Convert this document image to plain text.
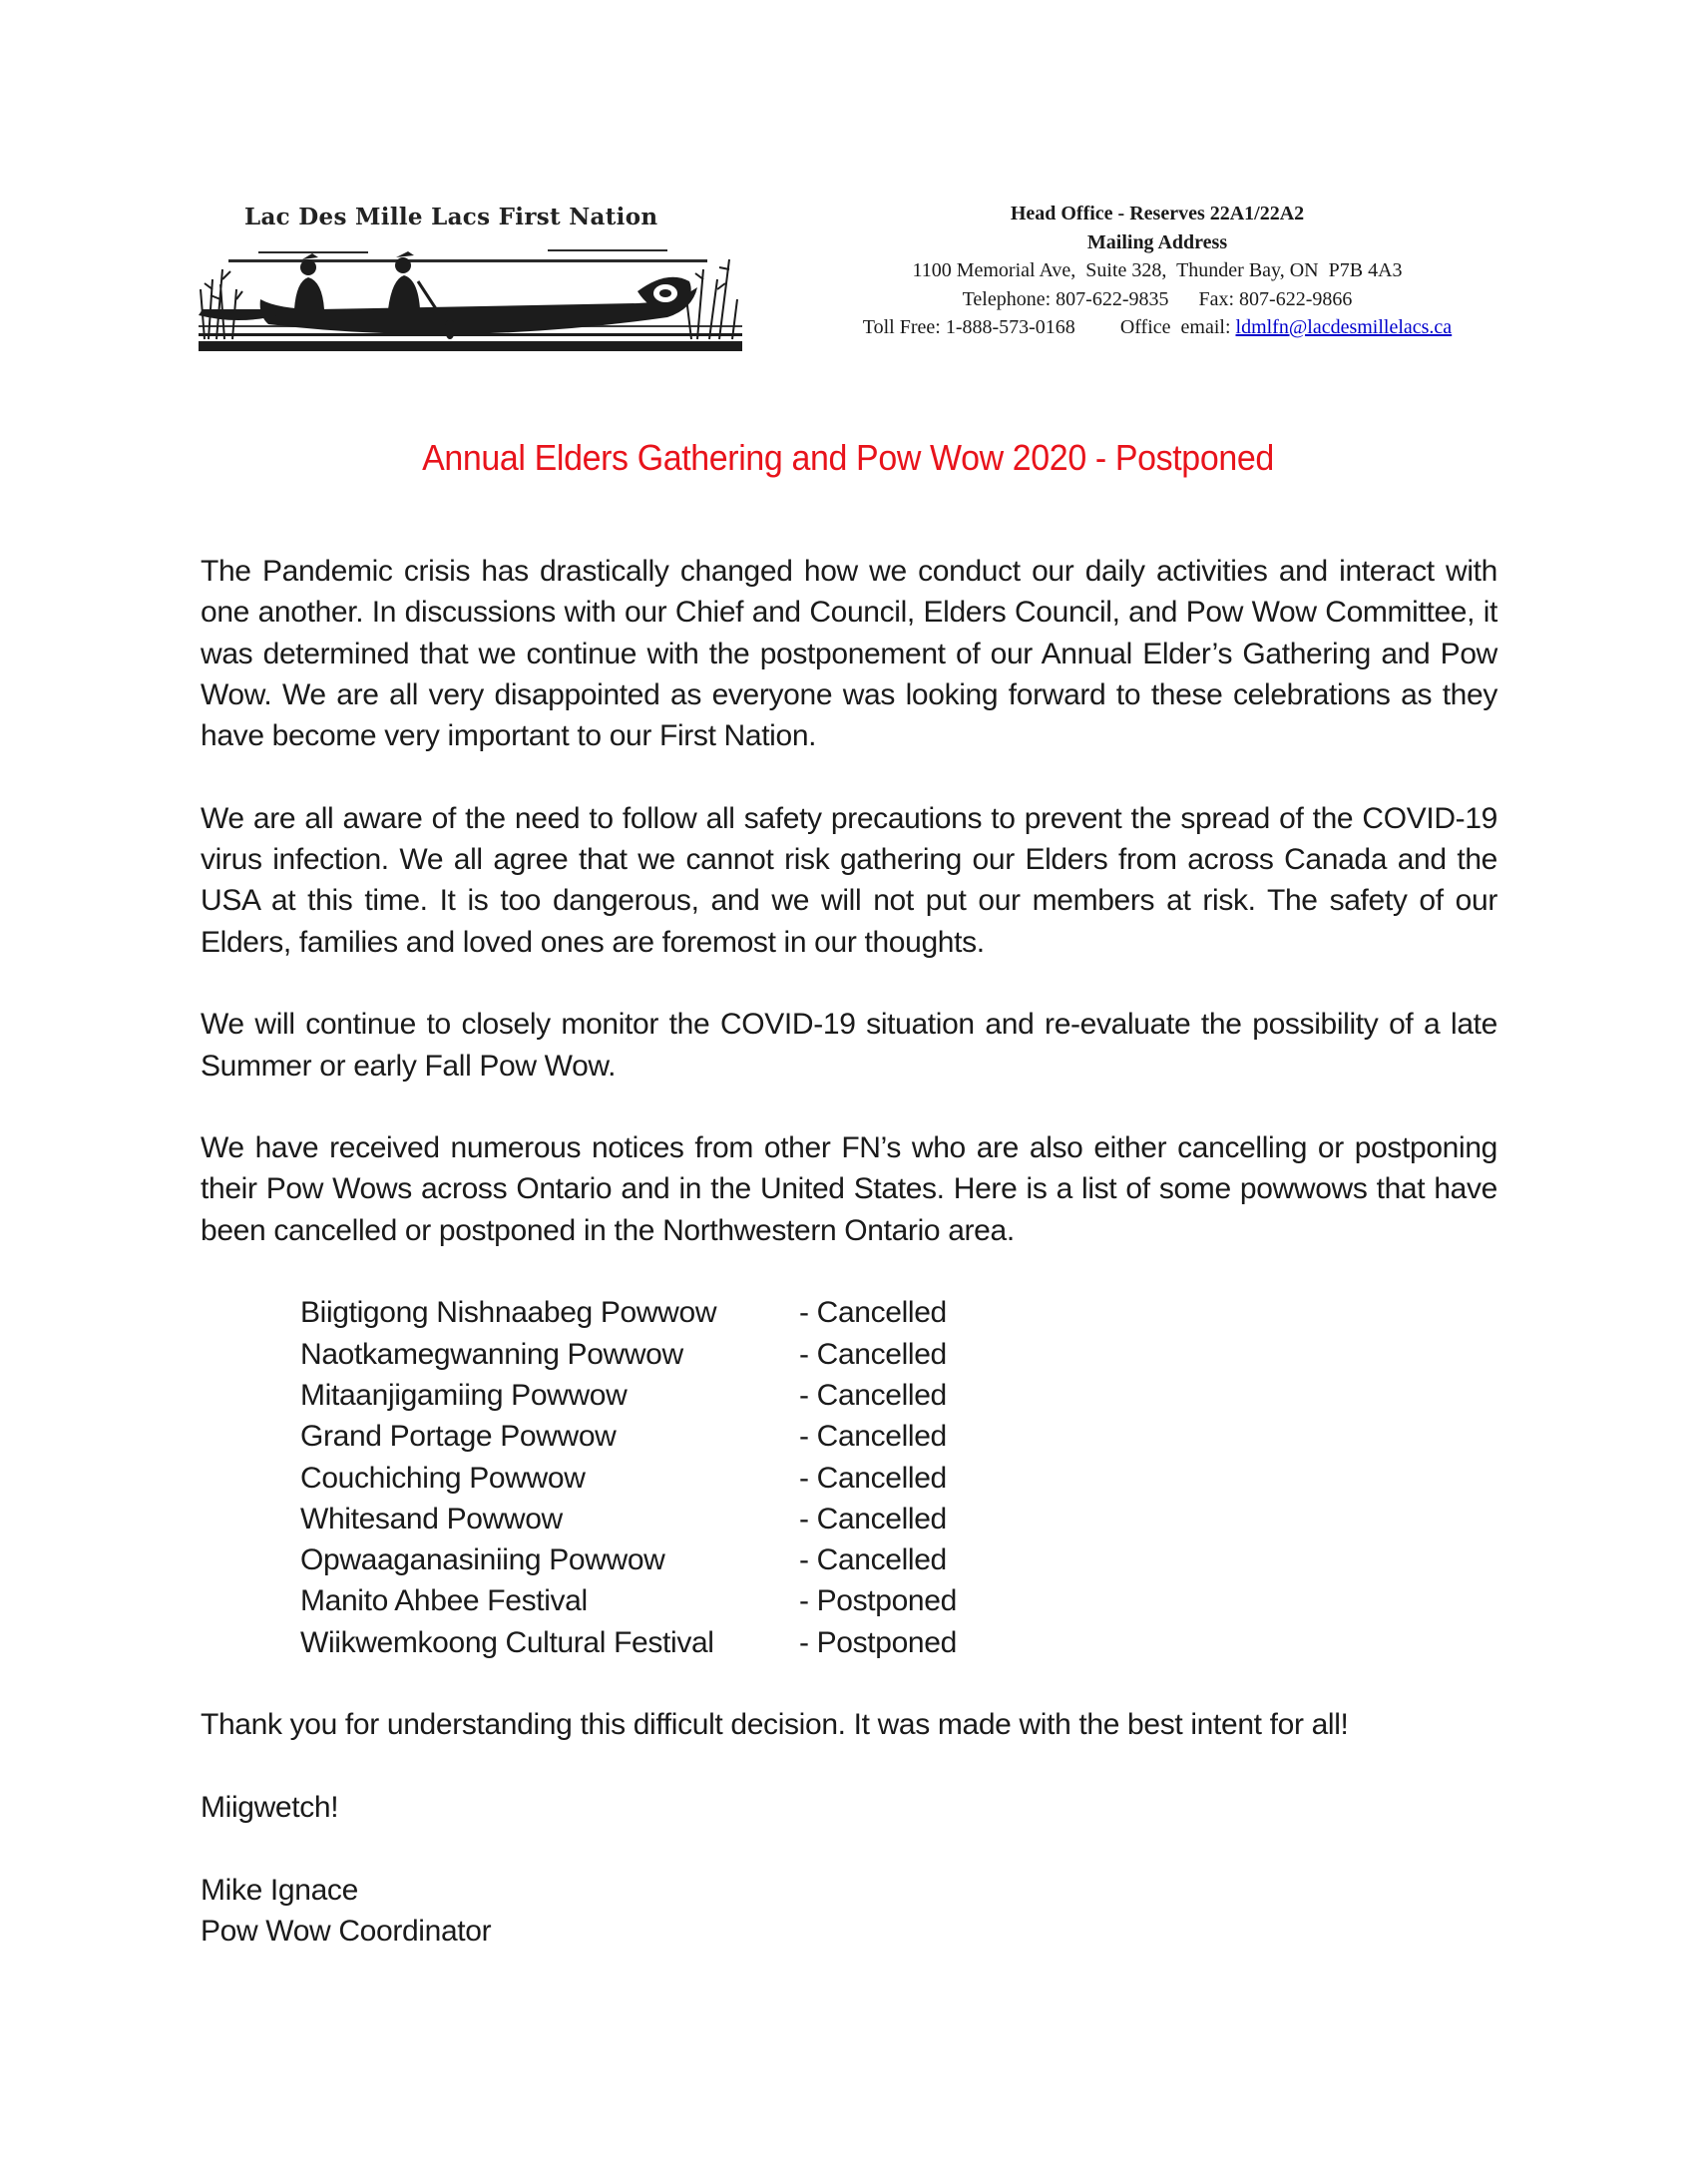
Lac Des Mille Lacs First Nation	Head Office - Reserves 22A1/22A2
Mailing Address
1100 Memorial Ave,  Suite 328,  Thunder Bay, ON  P7B 4A3
Telephone: 807-622-9835 Fax: 807-622-9866
Toll Free: 1-888-573-0168 Office  email: ldmlfn@lacdesmillelacs.ca
Annual Elders Gathering and Pow Wow 2020 - Postponed

The Pandemic crisis has drastically changed how we conduct our daily activities and interact with one another. In discussions with our Chief and Council, Elders Council, and Pow Wow Committee, it was determined that we continue with the postponement of our Annual Elder’s Gathering and Pow Wow. We are all very disappointed as everyone was looking forward to these celebrations as they have become very important to our First Nation.

We are all aware of the need to follow all safety precautions to prevent the spread of the COVID-19 virus infection. We all agree that we cannot risk gathering our Elders from across Canada and the USA at this time. It is too dangerous, and we will not put our members at risk. The safety of our Elders, families and loved ones are foremost in our thoughts.

We will continue to closely monitor the COVID-19 situation and re-evaluate the possibility of a late Summer or early Fall Pow Wow.

We have received numerous notices from other FN’s who are also either cancelling or postponing their Pow Wows across Ontario and in the United States. Here is a list of some powwows that have been cancelled or postponed in the Northwestern Ontario area.

Biigtigong Nishnaabeg Powwow	- Cancelled
Naotkamegwanning Powwow	- Cancelled
Mitaanjigamiing Powwow	- Cancelled
Grand Portage Powwow	- Cancelled
Couchiching Powwow	- Cancelled
Whitesand Powwow	- Cancelled
Opwaaganasiniing Powwow	- Cancelled
Manito Ahbee Festival	- Postponed
Wiikwemkoong Cultural Festival	- Postponed

Thank you for understanding this difficult decision. It was made with the best intent for all!

Miigwetch!

Mike Ignace
Pow Wow Coordinator
